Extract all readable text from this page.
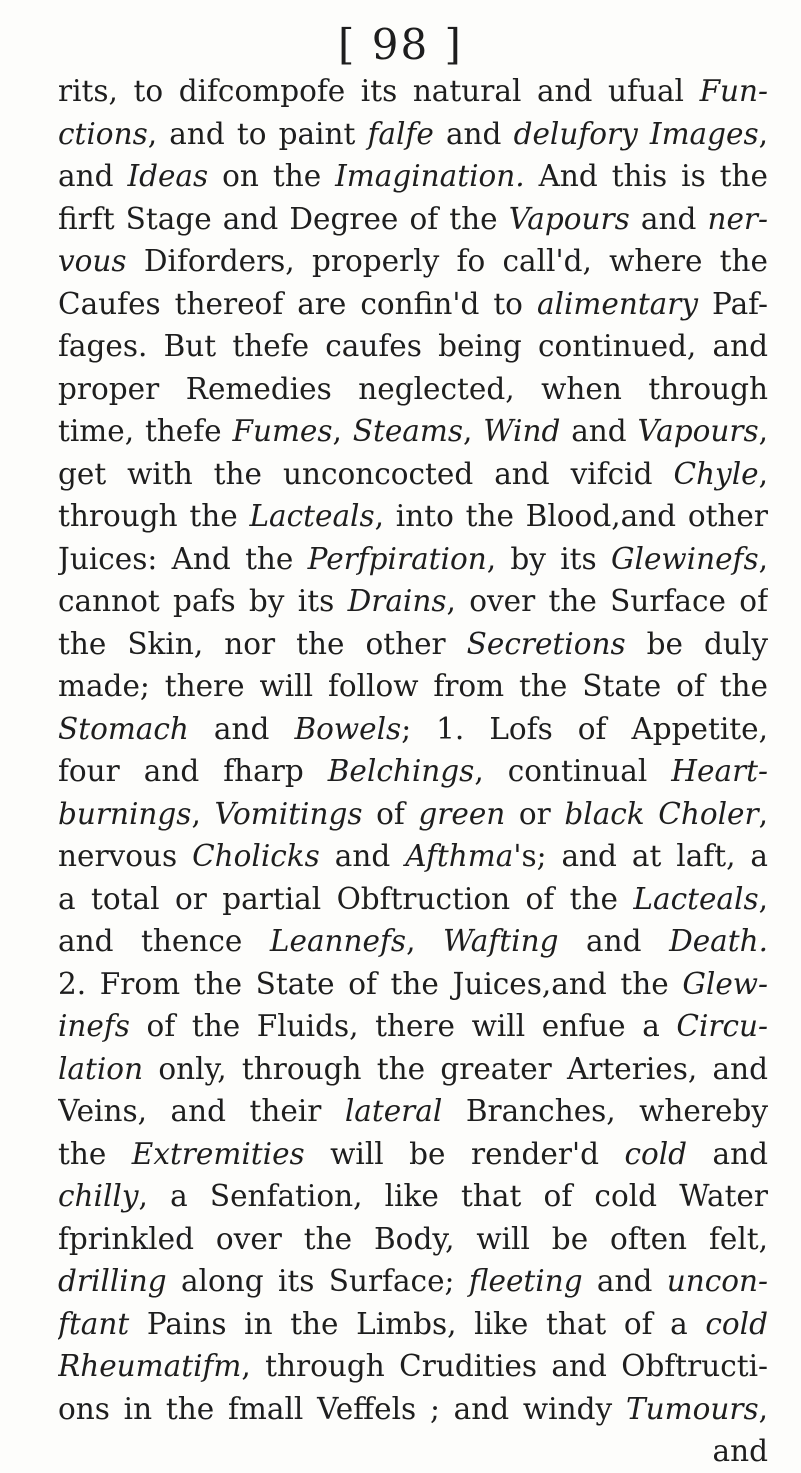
[ 98 ]
rits, to difcompofe its natural and ufual Fun-
ctions, and to paint falfe and delufory Images,
and Ideas on the Imagination. And this is the
firft Stage and Degree of the Vapours and ner-
vous Diforders, properly fo call'd, where the
Caufes thereof are confin'd to alimentary Paf-
fages. But thefe caufes being continued, and
proper Remedies neglected, when through
time, thefe Fumes, Steams, Wind and Vapours,
get with the unconcocted and vifcid Chyle,
through the Lacteals, into the Blood,and other
Juices: And the Perfpiration, by its Glewinefs,
cannot pafs by its Drains, over the Surface of
the Skin, nor the other Secretions be duly
made; there will follow from the State of the
Stomach and Bowels; 1. Lofs of Appetite,
four and fharp Belchings, continual Heart-
burnings, Vomitings of green or black Choler,
nervous Cholicks and Afthma's; and at laft, a
a total or partial Obftruction of the Lacteals,
and thence Leannefs, Wafting and Death.
2. From the State of the Juices,and the Glew-
inefs of the Fluids, there will enfue a Circu-
lation only, through the greater Arteries, and
Veins, and their lateral Branches, whereby
the Extremities will be render'd cold and
chilly, a Senfation, like that of cold Water
fprinkled over the Body, will be often felt,
drilling along its Surface; fleeting and uncon-
ftant Pains in the Limbs, like that of a cold
Rheumatifm, through Crudities and Obftructi-
ons in the fmall Veffels ; and windy Tumours,
and
